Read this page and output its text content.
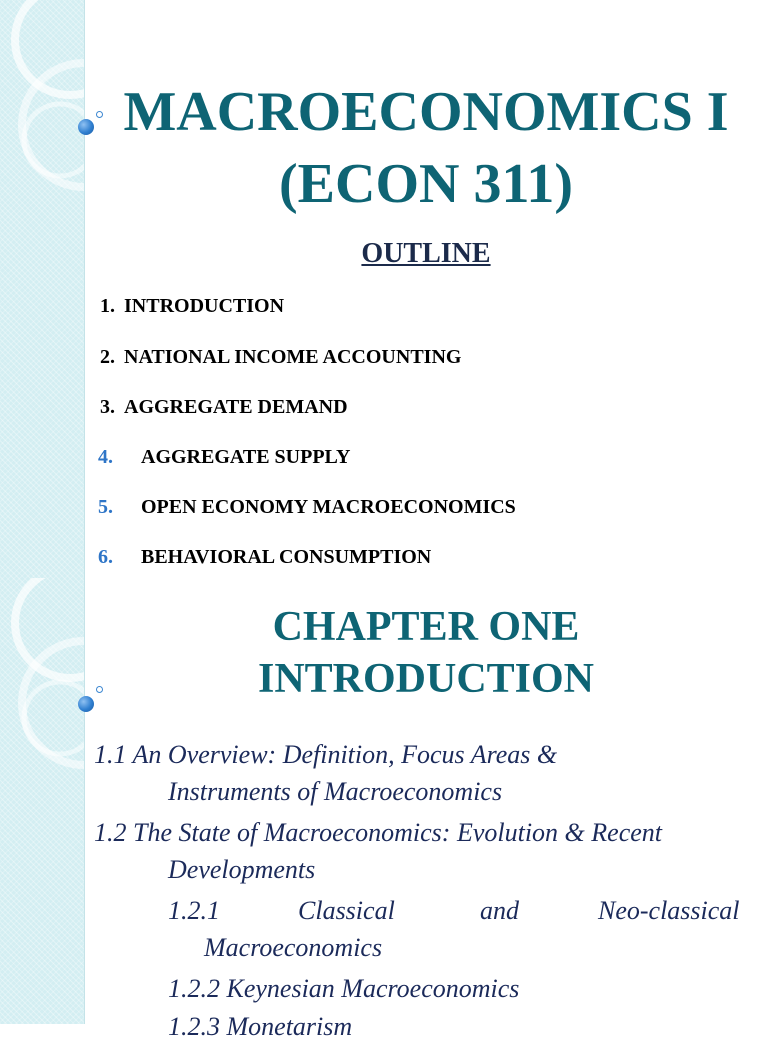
MACROECONOMICS I
(ECON 311)
OUTLINE
1. INTRODUCTION
2. NATIONAL INCOME ACCOUNTING
3. AGGREGATE DEMAND
4. AGGREGATE SUPPLY
5. OPEN ECONOMY MACROECONOMICS
6. BEHAVIORAL CONSUMPTION
CHAPTER ONE
INTRODUCTION
1.1 An Overview: Definition, Focus Areas &
Instruments of Macroeconomics
1.2 The State of Macroeconomics: Evolution & Recent
Developments
1.2.1	Classical	and	Neo-classical
Macroeconomics
1.2.2 Keynesian Macroeconomics
1.2.3 Monetarism
